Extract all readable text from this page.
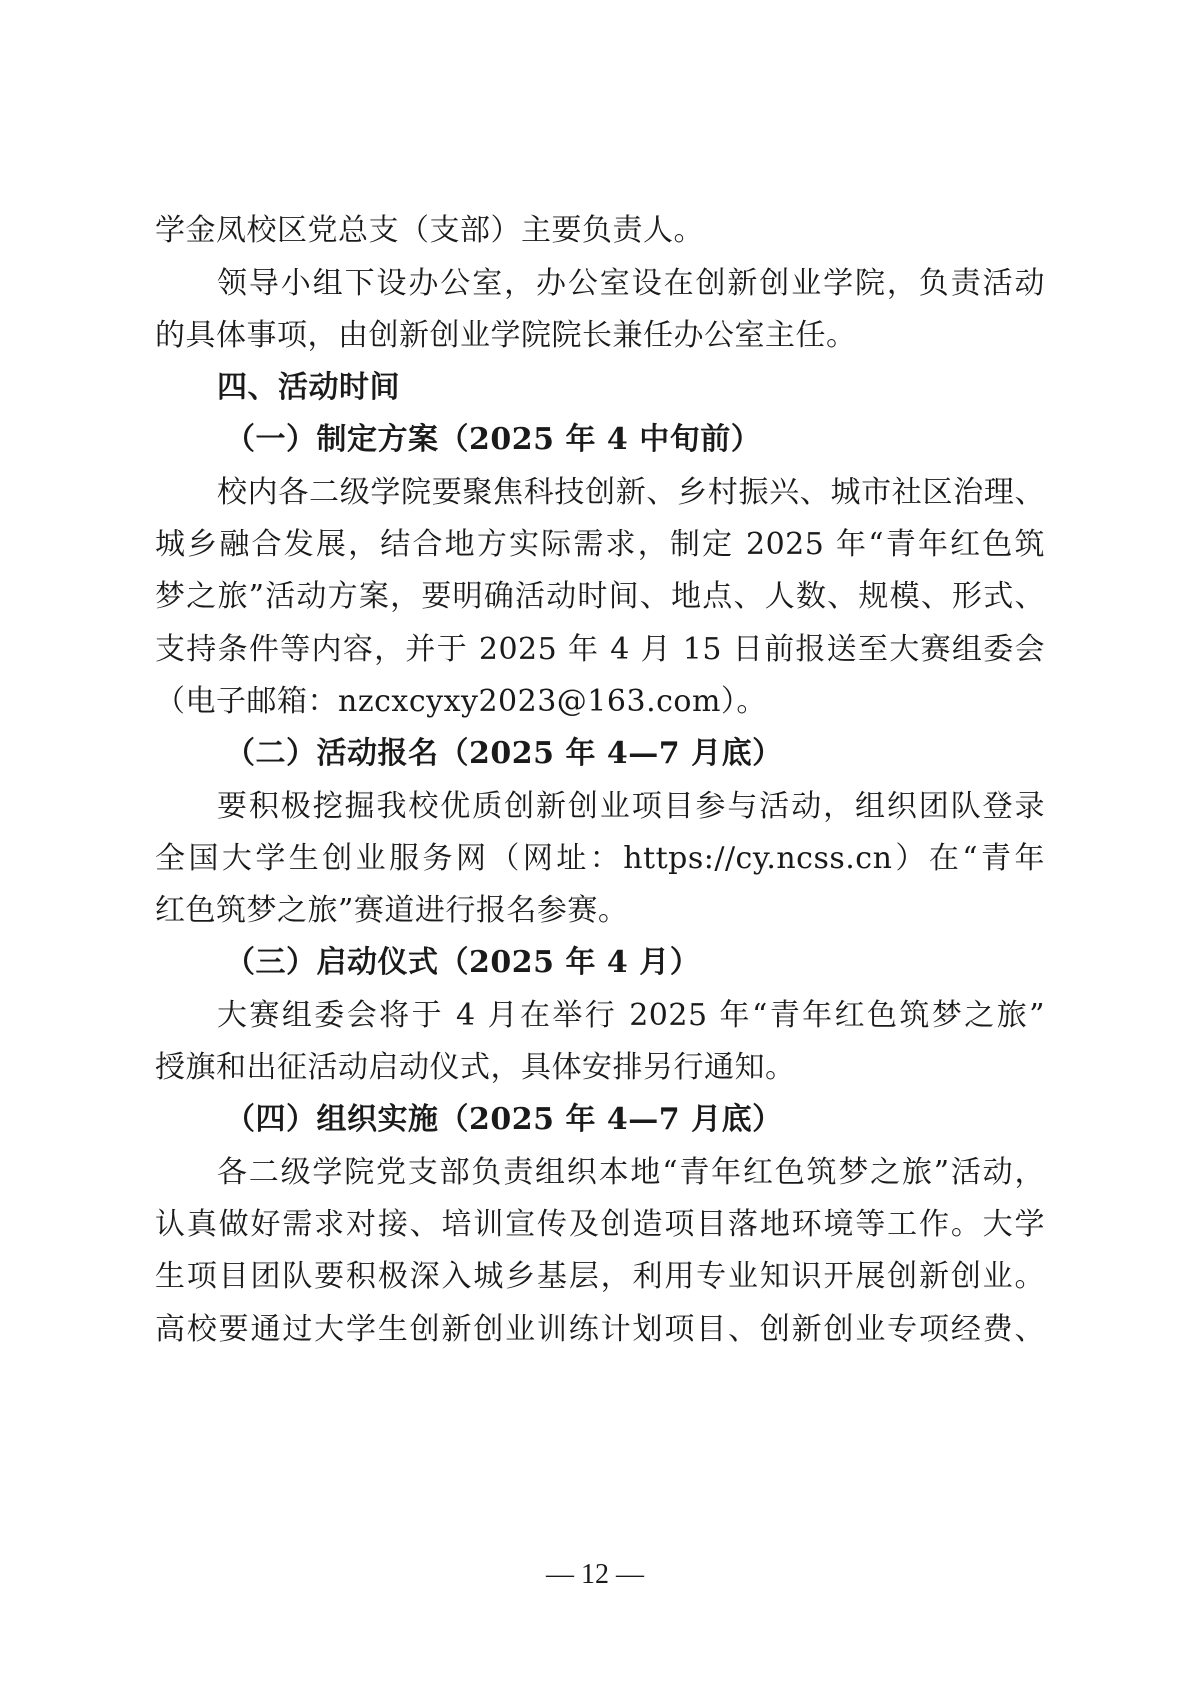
学金凤校区党总支（支部）主要负责人。
领导小组下设办公室，办公室设在创新创业学院，负责活动
的具体事项，由创新创业学院院长兼任办公室主任。
四、活动时间
（一）制定方案（2025 年 4 中旬前）
校内各二级学院要聚焦科技创新、乡村振兴、城市社区治理、
城乡融合发展，结合地方实际需求，制定 2025 年“青年红色筑
梦之旅”活动方案，要明确活动时间、地点、人数、规模、形式、
支持条件等内容，并于 2025 年 4 月 15 日前报送至大赛组委会
（电子邮箱：nzcxcyxy2023@163.com）。
（二）活动报名（2025 年 4—7 月底）
要积极挖掘我校优质创新创业项目参与活动，组织团队登录
全国大学生创业服务网（网址：https://cy.ncss.cn）在“青年
红色筑梦之旅”赛道进行报名参赛。
（三）启动仪式（2025 年 4 月）
大赛组委会将于 4 月在举行 2025 年“青年红色筑梦之旅”
授旗和出征活动启动仪式，具体安排另行通知。
（四）组织实施（2025 年 4—7 月底）
各二级学院党支部负责组织本地“青年红色筑梦之旅”活动，
认真做好需求对接、培训宣传及创造项目落地环境等工作。大学
生项目团队要积极深入城乡基层，利用专业知识开展创新创业。
高校要通过大学生创新创业训练计划项目、创新创业专项经费、
— 12 —
